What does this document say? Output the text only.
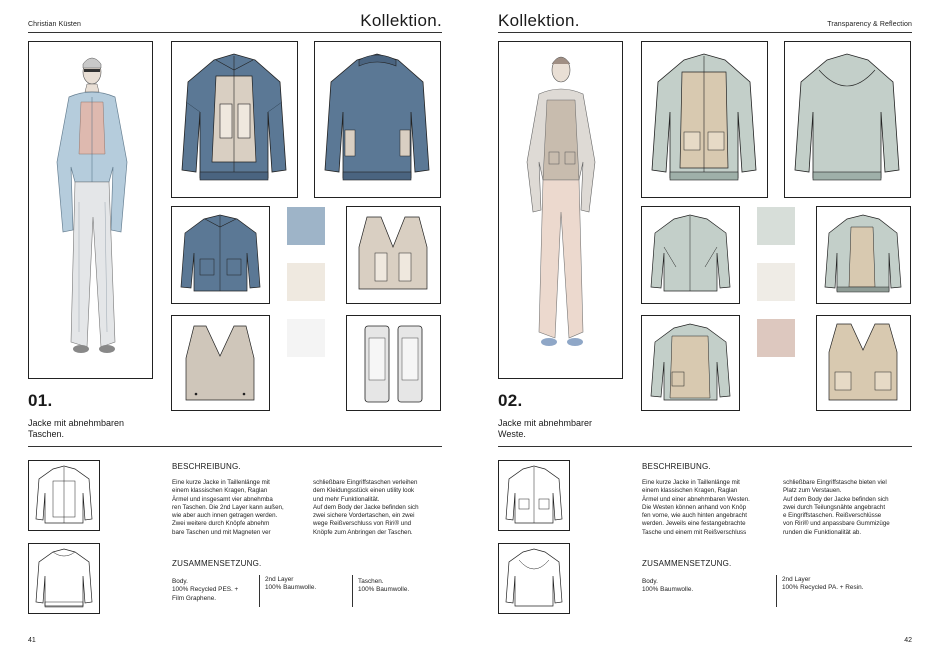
Christian Küsten	Kollektion.
01.
Jacke mit abnehmbaren
Taschen.
BESCHREIBUNG.
Eine kurze Jacke in Taillenlänge mit
einem klassischen Kragen, Raglan
Ärmel und insgesamt vier abnehmba
ren Taschen. Die 2nd Layer kann außen,
wie aber auch innen getragen werden.
Zwei weitere durch Knöpfe abnehm
bare Taschen und mit Magneten ver
schließbare Eingriffstaschen verleihen
dem Kleidungsstück einen utility look
und mehr Funktionalität.
Auf dem Body der Jacke befinden sich
zwei sichere Vordertaschen, ein zwei
wege Reißverschluss von Riri® und
Knöpfe zum Anbringen der Taschen.
ZUSAMMENSETZUNG.
Body.
100% Recycled PES. +
Film Graphene.
2nd Layer
100% Baumwolle.
Taschen.
100% Baumwolle.
41
Kollektion.	Transparency & Reflection
02.
Jacke mit abnehmbarer
Weste.
BESCHREIBUNG.
Eine kurze Jacke in Taillenlänge mit
einem klassischen Kragen, Raglan
Ärmel und einer abnehmbaren Westen.
Die Westen können anhand von Knöp
fen vorne, wie auch hinten angebracht
werden. Jeweils eine festangebrachte
Tasche und einem mit Reißverschluss
schließbare Eingriffstasche bieten viel
Platz zum Verstauen.
Auf dem Body der Jacke befinden sich
zwei durch Teilungsnähte angebracht
e Eingriffstaschen. Reißverschlüsse
von Riri® und anpassbare Gummizüge
runden die Funktionalität ab.
ZUSAMMENSETZUNG.
Body.
100% Baumwolle.
2nd Layer
100% Recycled PA. + Resin.
42
